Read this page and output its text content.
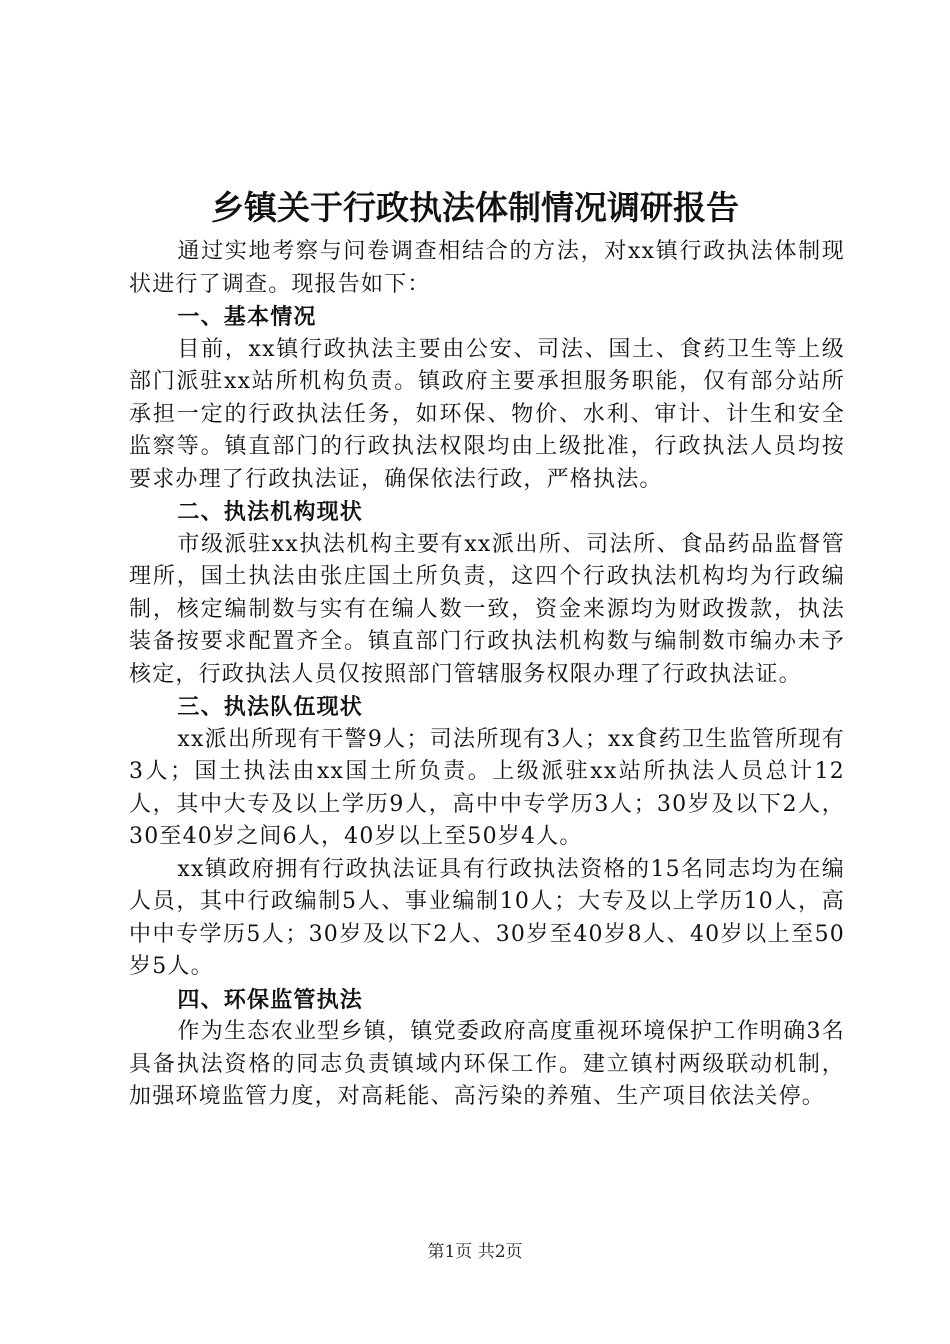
乡镇关于行政执法体制情况调研报告

通过实地考察与问卷调查相结合的方法，对xx镇行政执法体制现状进行了调查。现报告如下：

一、基本情况

目前，xx镇行政执法主要由公安、司法、国土、食药卫生等上级部门派驻xx站所机构负责。镇政府主要承担服务职能，仅有部分站所承担一定的行政执法任务，如环保、物价、水利、审计、计生和安全监察等。镇直部门的行政执法权限均由上级批准，行政执法人员均按要求办理了行政执法证，确保依法行政，严格执法。

二、执法机构现状

市级派驻xx执法机构主要有xx派出所、司法所、食品药品监督管理所，国土执法由张庄国土所负责，这四个行政执法机构均为行政编制，核定编制数与实有在编人数一致，资金来源均为财政拨款，执法装备按要求配置齐全。镇直部门行政执法机构数与编制数市编办未予核定，行政执法人员仅按照部门管辖服务权限办理了行政执法证。

三、执法队伍现状

xx派出所现有干警9人；司法所现有3人；xx食药卫生监管所现有3人；国土执法由xx国土所负责。上级派驻xx站所执法人员总计12人，其中大专及以上学历9人，高中中专学历3人；30岁及以下2人，30至40岁之间6人，40岁以上至50岁4人。

xx镇政府拥有行政执法证具有行政执法资格的15名同志均为在编人员，其中行政编制5人、事业编制10人；大专及以上学历10人，高中中专学历5人；30岁及以下2人、30岁至40岁8人、40岁以上至50岁5人。

四、环保监管执法

作为生态农业型乡镇，镇党委政府高度重视环境保护工作明确3名具备执法资格的同志负责镇域内环保工作。建立镇村两级联动机制，加强环境监管力度，对高耗能、高污染的养殖、生产项目依法关停。

第1页 共2页
